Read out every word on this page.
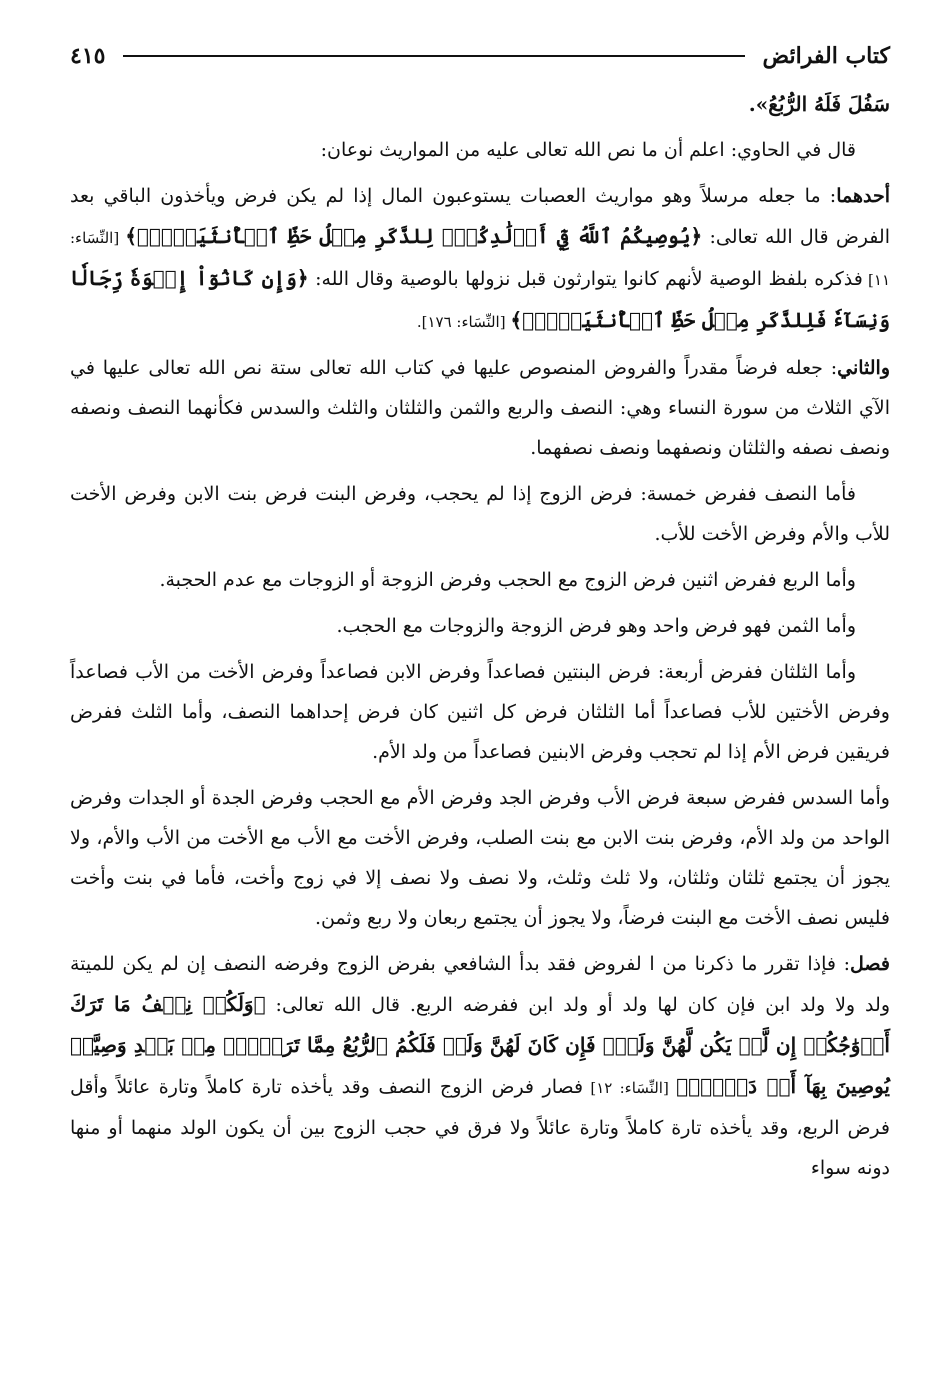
كتاب الفرائض
٤١٥

سَفُلَ فَلَهُ الرُّبُعُ».

قال في الحاوي: اعلم أن ما نص الله تعالى عليه من المواريث نوعان:

أحدهما: ما جعله مرسلاً وهو مواريث العصبات يستوعبون المال إذا لم يكن فرض ويأخذون الباقي بعد الفرض قال الله تعالى: ﴿يُوصِيكُمُ ٱللَّهُ فِيٓ أَوۡلَٰدِكُمۡۖ لِلذَّكَرِ مِثۡلُ حَظِّ ٱلۡأُنثَيَيۡنِۚ﴾ [النِّسَاء: ١١] فذكره بلفظ الوصية لأنهم كانوا يتوارثون قبل نزولها بالوصية وقال الله: ﴿وَإِن كَانُوٓاْ إِخۡوَةٗ رِّجَالٗا وَنِسَآءٗ فَلِلذَّكَرِ مِثۡلُ حَظِّ ٱلۡأُنثَيَيۡنِۗ﴾ [النِّسَاء: ١٧٦].

والثاني: جعله فرضاً مقدراً والفروض المنصوص عليها في كتاب الله تعالى ستة نص الله تعالى عليها في الآي الثلاث من سورة النساء وهي: النصف والربع والثمن والثلثان والثلث والسدس فكأنهما النصف ونصفه ونصف نصفه والثلثان ونصفهما ونصف نصفهما.

فأما النصف ففرض خمسة: فرض الزوج إذا لم يحجب، وفرض البنت فرض بنت الابن وفرض الأخت للأب والأم وفرض الأخت للأب.

وأما الربع ففرض اثنين فرض الزوج مع الحجب وفرض الزوجة أو الزوجات مع عدم الحجبة.

وأما الثمن فهو فرض واحد وهو فرض الزوجة والزوجات مع الحجب.

وأما الثلثان ففرض أربعة: فرض البنتين فصاعداً وفرض الابن فصاعداً وفرض الأخت من الأب فصاعداً وفرض الأختين للأب فصاعداً أما الثلثان فرض كل اثنين كان فرض إحداهما النصف، وأما الثلث ففرض فريقين فرض الأم إذا لم تحجب وفرض الابنين فصاعداً من ولد الأم.

وأما السدس ففرض سبعة فرض الأب وفرض الجد وفرض الأم مع الحجب وفرض الجدة أو الجدات وفرض الواحد من ولد الأم، وفرض بنت الابن مع بنت الصلب، وفرض الأخت مع الأب مع الأخت من الأب والأم، ولا يجوز أن يجتمع ثلثان وثلثان، ولا ثلث وثلث، ولا نصف ولا نصف إلا في زوج وأخت، فأما في بنت وأخت فليس نصف الأخت مع البنت فرضاً، ولا يجوز أن يجتمع ربعان ولا ربع وثمن.

فصل: فإذا تقرر ما ذكرنا من ا لفروض فقد بدأ الشافعي بفرض الزوج وفرضه النصف إن لم يكن للميتة ولد ولا ولد ابن فإن كان لها ولد أو ولد ابن ففرضه الربع. قال الله تعالى: ﴿وَلَكُمۡ نِصۡفُ مَا تَرَكَ أَزۡوَٰجُكُمۡ إِن لَّمۡ يَكُن لَّهُنَّ وَلَدٞۚ فَإِن كَانَ لَهُنَّ وَلَدٞ فَلَكُمُ ٱلرُّبُعُ مِمَّا تَرَكۡنَۚ مِنۢ بَعۡدِ وَصِيَّةٖ يُوصِينَ بِهَآ أَوۡ دَيۡنٖۚ﴾ [النِّسَاء: ١٢] فصار فرض الزوج النصف وقد يأخذه تارة كاملاً وتارة عائلاً وأقل فرض الربع، وقد يأخذه تارة كاملاً وتارة عائلاً ولا فرق في حجب الزوج بين أن يكون الولد منهما أو منها دونه سواء
